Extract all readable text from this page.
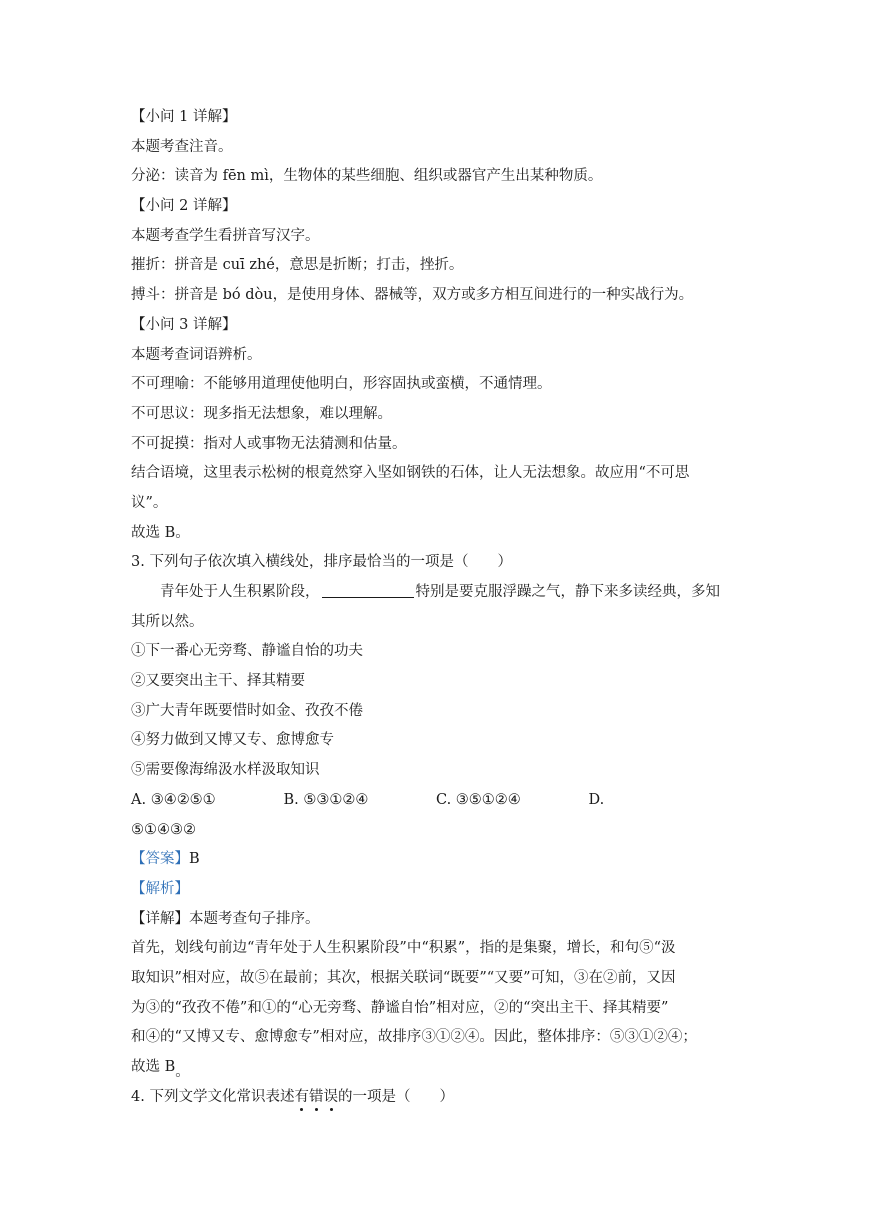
【小问 1 详解】
本题考查注音。
分泌：读音为 fēn mì，生物体的某些细胞、组织或器官产生出某种物质。
【小问 2 详解】
本题考查学生看拼音写汉字。
摧折：拼音是 cuī zhé，意思是折断；打击，挫折。
搏斗：拼音是 bó dòu，是使用身体、器械等，双方或多方相互间进行的一种实战行为。
【小问 3 详解】
本题考查词语辨析。
不可理喻：不能够用道理使他明白，形容固执或蛮横，不通情理。
不可思议：现多指无法想象，难以理解。
不可捉摸：指对人或事物无法猜测和估量。
结合语境，这里表示松树的根竟然穿入坚如钢铁的石体，让人无法想象。故应用“不可思
议”。
故选 B。
3. 下列句子依次填入横线处，排序最恰当的一项是（　　）
青年处于人生积累阶段，	特别是要克服浮躁之气，静下来多读经典，多知
其所以然。
①下一番心无旁骛、静谧自怡的功夫
②又要突出主干、择其精要
③广大青年既要惜时如金、孜孜不倦
④努力做到又博又专、愈博愈专
⑤需要像海绵汲水样汲取知识
A. ③④②⑤①	B. ⑤③①②④	C. ③⑤①②④	D.
⑤①④③②
【答案】B
【解析】
【详解】本题考查句子排序。
首先，划线句前边“青年处于人生积累阶段”中“积累”，指的是集聚，增长，和句⑤“汲
取知识”相对应，故⑤在最前；其次，根据关联词“既要”“又要”可知，③在②前，又因
为③的“孜孜不倦”和①的“心无旁骛、静谧自怡”相对应，②的“突出主干、择其精要”
和④的“又博又专、愈博愈专”相对应，故排序③①②④。因此，整体排序：⑤③①②④；
故选 B。
4. 下列文学文化常识表述有错误
的一项是（　　）
